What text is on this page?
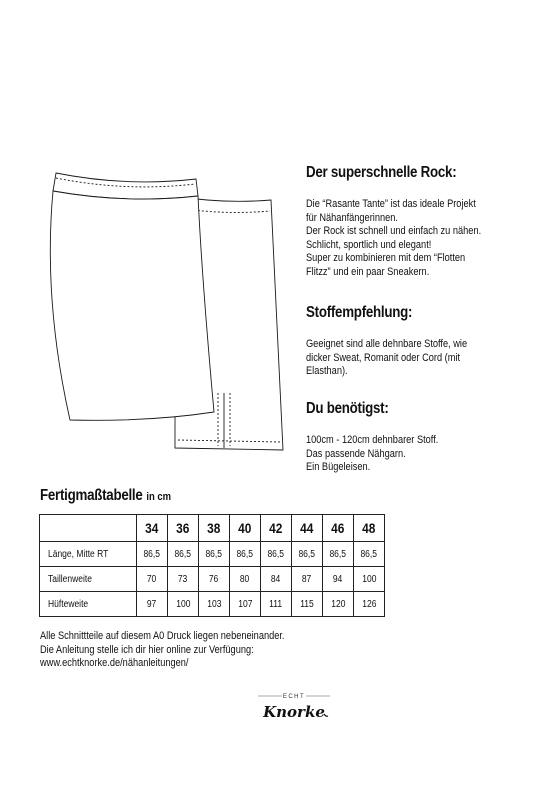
Der superschnelle Rock:
Die “Rasante Tante” ist das ideale Projekt
für Nähanfängerinnen.
Der Rock ist schnell und einfach zu nähen.
Schlicht, sportlich und elegant!
Super zu kombinieren mit dem “Flotten
Flitzz” und ein paar Sneakern.
Stoffempfehlung:
Geeignet sind alle dehnbare Stoffe, wie
dicker Sweat, Romanit oder Cord (mit
Elasthan).
Du benötigst:
100cm - 120cm dehnbarer Stoff.
Das passende Nähgarn.
Ein Bügeleisen.
Fertigmaßtabelle in cm
	34	36	38	40	42	44	46	48
Länge, Mitte RT	86,5	86,5	86,5	86,5	86,5	86,5	86,5	86,5
Taillenweite	70	73	76	80	84	87	94	100
Hüfteweite	97	100	103	107	111	115	120	126
Alle Schnittteile auf diesem A0 Druck liegen nebeneinander.
Die Anleitung stelle ich dir hier online zur Verfügung:
www.echtknorke.de/nähanleitungen/
ECHT
Knorke
